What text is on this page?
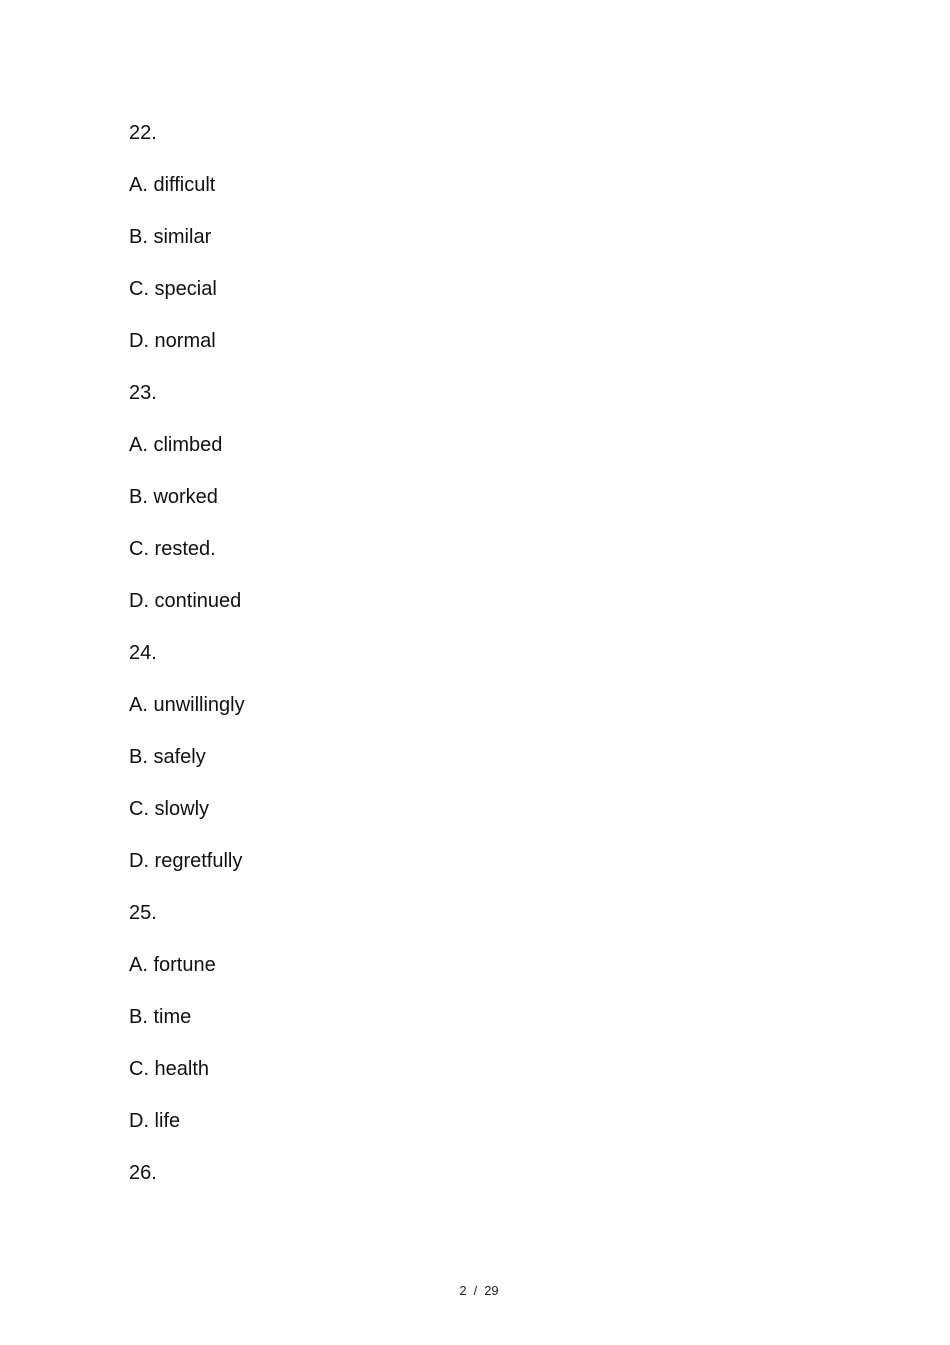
22.
A. difficult
B. similar
C. special
D. normal
23.
A. climbed
B. worked
C. rested.
D. continued
24.
A. unwillingly
B. safely
C. slowly
D. regretfully
25.
A. fortune
B. time
C. health
D. life
26.
2 / 29
